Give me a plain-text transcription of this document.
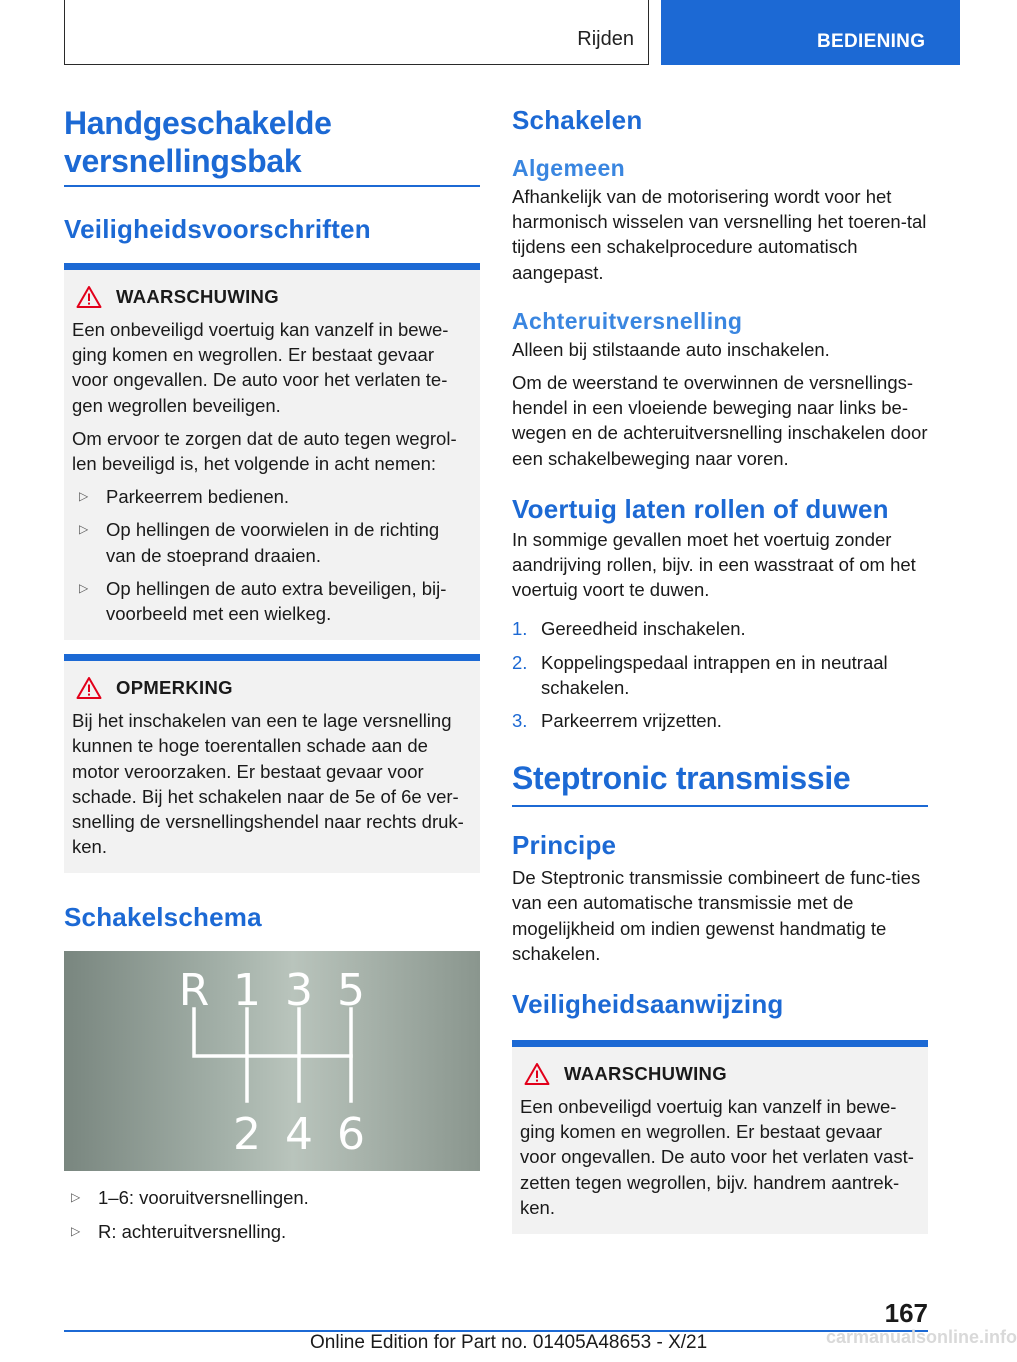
Rijden	BEDIENING
Handgeschakelde versnellingsbak
Veiligheidsvoorschriften
WAARSCHUWING
Een onbeveiligd voertuig kan vanzelf in bewe-ging komen en wegrollen. Er bestaat gevaar voor ongevallen. De auto voor het verlaten te-gen wegrollen beveiligen.
Om ervoor te zorgen dat de auto tegen wegrol-len beveiligd is, het volgende in acht nemen:
▷ Parkeerrem bedienen.
▷ Op hellingen de voorwielen in de richting van de stoeprand draaien.
▷ Op hellingen de auto extra beveiligen, bij-voorbeeld met een wielkeg.
OPMERKING
Bij het inschakelen van een te lage versnelling kunnen te hoge toerentallen schade aan de motor veroorzaken. Er bestaat gevaar voor schade. Bij het schakelen naar de 5e of 6e ver-snelling de versnellingshendel naar rechts druk-ken.
Schakelschema
R 1 3 5
2 4 6
▷ 1–6: vooruitversnellingen.
▷ R: achteruitversnelling.
Schakelen
Algemeen
Afhankelijk van de motorisering wordt voor het harmonisch wisselen van versnelling het toeren-tal tijdens een schakelprocedure automatisch aangepast.
Achteruitversnelling
Alleen bij stilstaande auto inschakelen.
Om de weerstand te overwinnen de versnellings-hendel in een vloeiende beweging naar links be-wegen en de achteruitversnelling inschakelen door een schakelbeweging naar voren.
Voertuig laten rollen of duwen
In sommige gevallen moet het voertuig zonder aandrijving rollen, bijv. in een wasstraat of om het voertuig voort te duwen.
1. Gereedheid inschakelen.
2. Koppelingspedaal intrappen en in neutraal schakelen.
3. Parkeerrem vrijzetten.
Steptronic transmissie
Principe
De Steptronic transmissie combineert de func-ties van een automatische transmissie met de mogelijkheid om indien gewenst handmatig te schakelen.
Veiligheidsaanwijzing
WAARSCHUWING
Een onbeveiligd voertuig kan vanzelf in bewe-ging komen en wegrollen. Er bestaat gevaar voor ongevallen. De auto voor het verlaten vast-zetten tegen wegrollen, bijv. handrem aantrek-ken.
167
Online Edition for Part no. 01405A48653 - X/21	carmanualsonline.info
